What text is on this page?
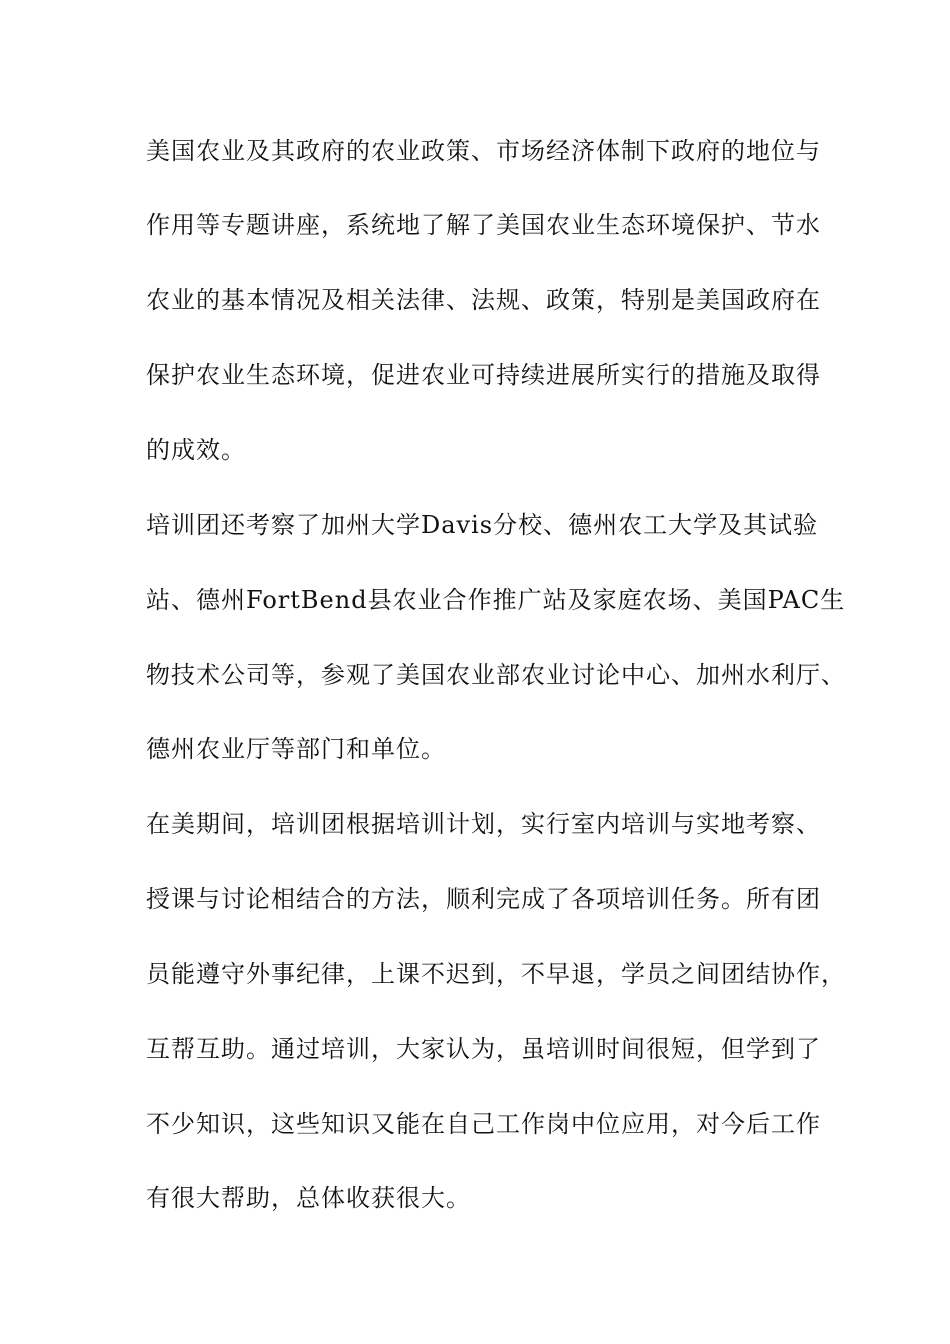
美国农业及其政府的农业政策、市场经济体制下政府的地位与
作用等专题讲座，系统地了解了美国农业生态环境保护、节水
农业的基本情况及相关法律、法规、政策，特别是美国政府在
保护农业生态环境，促进农业可持续进展所实行的措施及取得
的成效。
培训团还考察了加州大学Davis分校、德州农工大学及其试验
站、德州FortBend县农业合作推广站及家庭农场、美国PAC生
物技术公司等，参观了美国农业部农业讨论中心、加州水利厅、
德州农业厅等部门和单位。
在美期间，培训团根据培训计划，实行室内培训与实地考察、
授课与讨论相结合的方法，顺利完成了各项培训任务。所有团
员能遵守外事纪律，上课不迟到，不早退，学员之间团结协作，
互帮互助。通过培训，大家认为，虽培训时间很短，但学到了
不少知识，这些知识又能在自己工作岗中位应用，对今后工作
有很大帮助，总体收获很大。
